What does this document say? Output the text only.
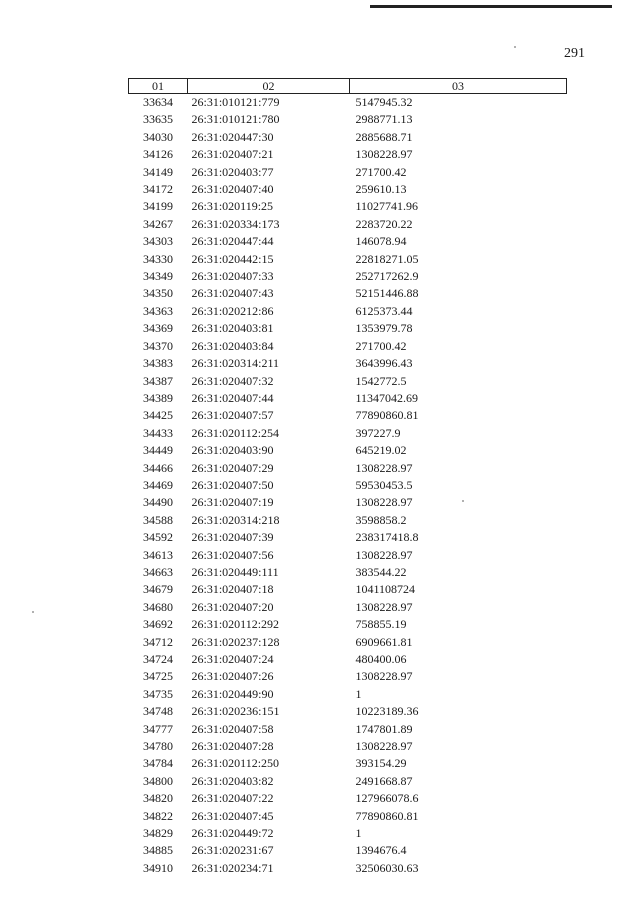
291
01	02	03
33634	26:31:010121:779	5147945.32
33635	26:31:010121:780	2988771.13
34030	26:31:020447:30	2885688.71
34126	26:31:020407:21	1308228.97
34149	26:31:020403:77	271700.42
34172	26:31:020407:40	259610.13
34199	26:31:020119:25	11027741.96
34267	26:31:020334:173	2283720.22
34303	26:31:020447:44	146078.94
34330	26:31:020442:15	22818271.05
34349	26:31:020407:33	252717262.9
34350	26:31:020407:43	52151446.88
34363	26:31:020212:86	6125373.44
34369	26:31:020403:81	1353979.78
34370	26:31:020403:84	271700.42
34383	26:31:020314:211	3643996.43
34387	26:31:020407:32	1542772.5
34389	26:31:020407:44	11347042.69
34425	26:31:020407:57	77890860.81
34433	26:31:020112:254	397227.9
34449	26:31:020403:90	645219.02
34466	26:31:020407:29	1308228.97
34469	26:31:020407:50	59530453.5
34490	26:31:020407:19	1308228.97
34588	26:31:020314:218	3598858.2
34592	26:31:020407:39	238317418.8
34613	26:31:020407:56	1308228.97
34663	26:31:020449:111	383544.22
34679	26:31:020407:18	1041108724
34680	26:31:020407:20	1308228.97
34692	26:31:020112:292	758855.19
34712	26:31:020237:128	6909661.81
34724	26:31:020407:24	480400.06
34725	26:31:020407:26	1308228.97
34735	26:31:020449:90	1
34748	26:31:020236:151	10223189.36
34777	26:31:020407:58	1747801.89
34780	26:31:020407:28	1308228.97
34784	26:31:020112:250	393154.29
34800	26:31:020403:82	2491668.87
34820	26:31:020407:22	127966078.6
34822	26:31:020407:45	77890860.81
34829	26:31:020449:72	1
34885	26:31:020231:67	1394676.4
34910	26:31:020234:71	32506030.63
